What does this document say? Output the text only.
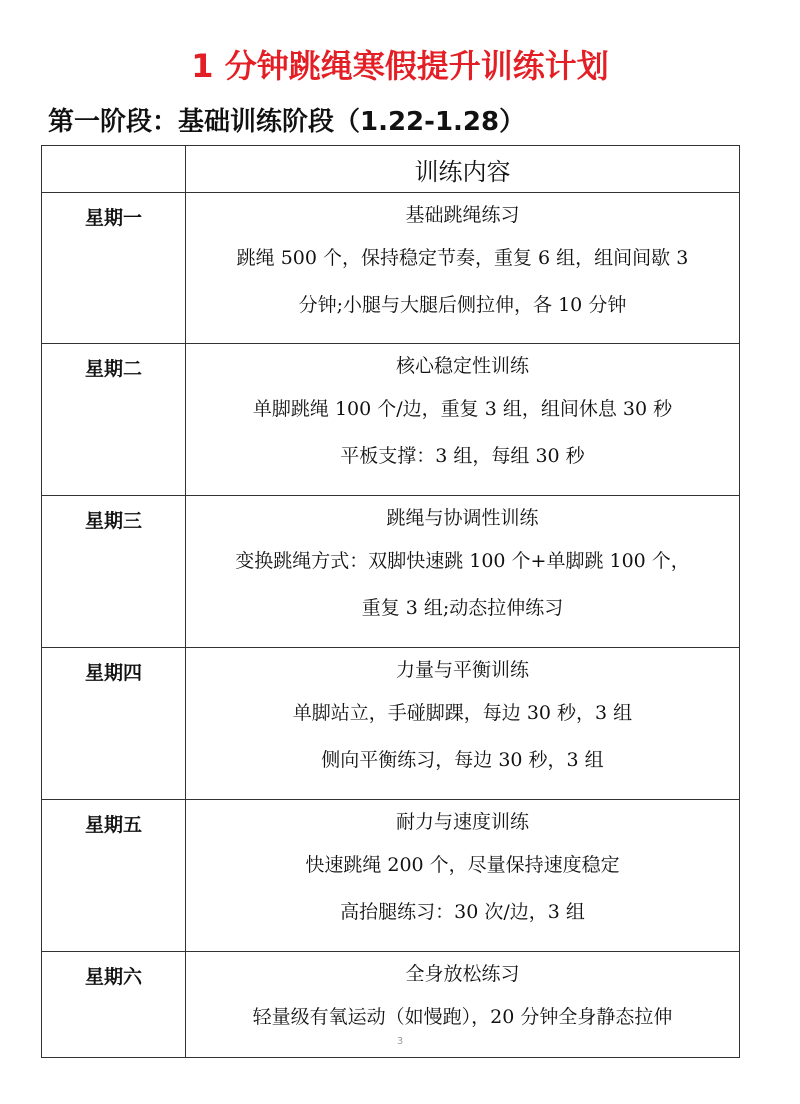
1 分钟跳绳寒假提升训练计划
第一阶段：基础训练阶段（1.22-1.28）
	训练内容
星期一	基础跳绳练习
跳绳 500 个，保持稳定节奏，重复 6 组，组间间歇 3
分钟;小腿与大腿后侧拉伸，各 10 分钟

星期二	核心稳定性训练
单脚跳绳 100 个/边，重复 3 组，组间休息 30 秒
平板支撑：3 组，每组 30 秒

星期三	跳绳与协调性训练
变换跳绳方式：双脚快速跳 100 个+单脚跳 100 个，
重复 3 组;动态拉伸练习

星期四	力量与平衡训练
单脚站立，手碰脚踝，每边 30 秒，3 组
侧向平衡练习，每边 30 秒，3 组

星期五	耐力与速度训练
快速跳绳 200 个，尽量保持速度稳定
高抬腿练习：30 次/边，3 组

星期六	全身放松练习
轻量级有氧运动（如慢跑），20 分钟全身静态拉伸
3
